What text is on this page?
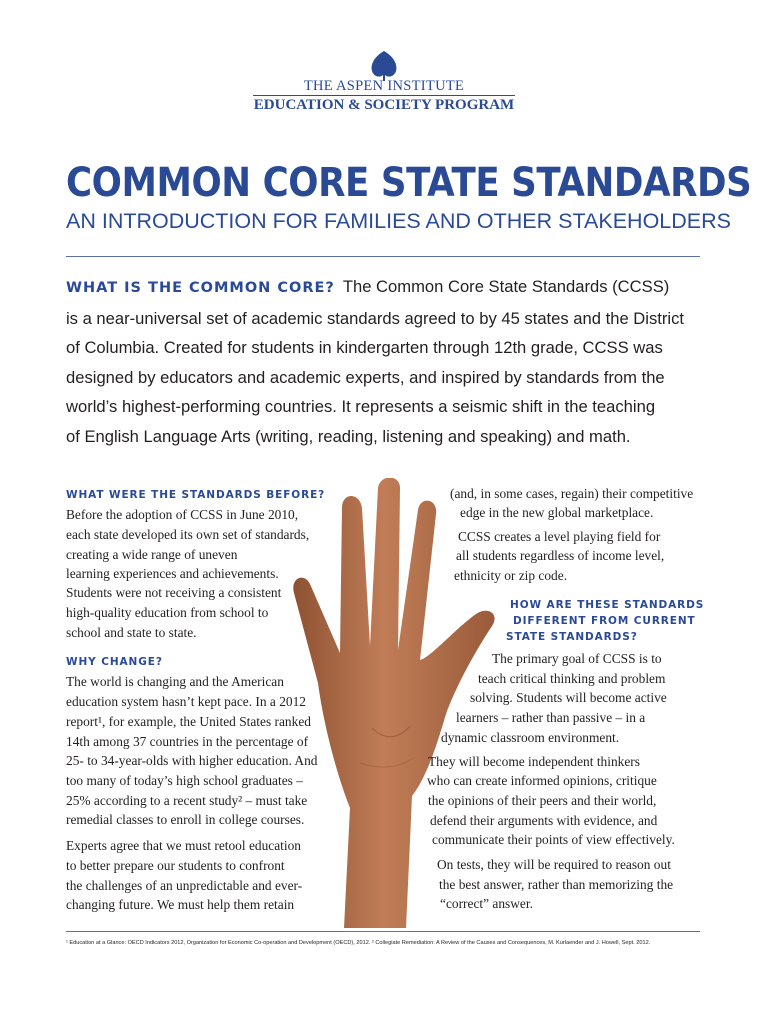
THE ASPEN INSTITUTE
EDUCATION & SOCIETY PROGRAM
COMMON CORE STATE STANDARDS
AN INTRODUCTION FOR FAMILIES AND OTHER STAKEHOLDERS
WHAT IS THE COMMON CORE? The Common Core State Standards (CCSS)
is a near-universal set of academic standards agreed to by 45 states and the District
of Columbia. Created for students in kindergarten through 12th grade, CCSS was
designed by educators and academic experts, and inspired by standards from the
world’s highest-performing countries. It represents a seismic shift in the teaching
of English Language Arts (writing, reading, listening and speaking) and math.
WHAT WERE THE STANDARDS BEFORE?
Before the adoption of CCSS in June 2010,
each state developed its own set of standards,
creating a wide range of uneven
learning experiences and achievements.
Students were not receiving a consistent
high-quality education from school to
school and state to state.
WHY CHANGE?
The world is changing and the American
education system hasn’t kept pace. In a 2012
report¹, for example, the United States ranked
14th among 37 countries in the percentage of
25- to 34-year-olds with higher education. And
too many of today’s high school graduates –
25% according to a recent study² – must take
remedial classes to enroll in college courses.
Experts agree that we must retool education
to better prepare our students to confront
the challenges of an unpredictable and ever-
changing future. We must help them retain
(and, in some cases, regain) their competitive
edge in the new global marketplace.
CCSS creates a level playing field for
all students regardless of income level,
ethnicity or zip code.
HOW ARE THESE STANDARDS
DIFFERENT FROM CURRENT
STATE STANDARDS?
The primary goal of CCSS is to
teach critical thinking and problem
solving. Students will become active
learners – rather than passive – in a
dynamic classroom environment.
They will become independent thinkers
who can create informed opinions, critique
the opinions of their peers and their world,
defend their arguments with evidence, and
communicate their points of view effectively.
On tests, they will be required to reason out
the best answer, rather than memorizing the
“correct” answer.
¹ Education at a Glance: OECD Indicators 2012, Organization for Economic Co-operation and Development (OECD), 2012. ² Collegiate Remediation: A Review of the Causes and Consequences, M. Kurlaender and J. Howell, Sept. 2012.
